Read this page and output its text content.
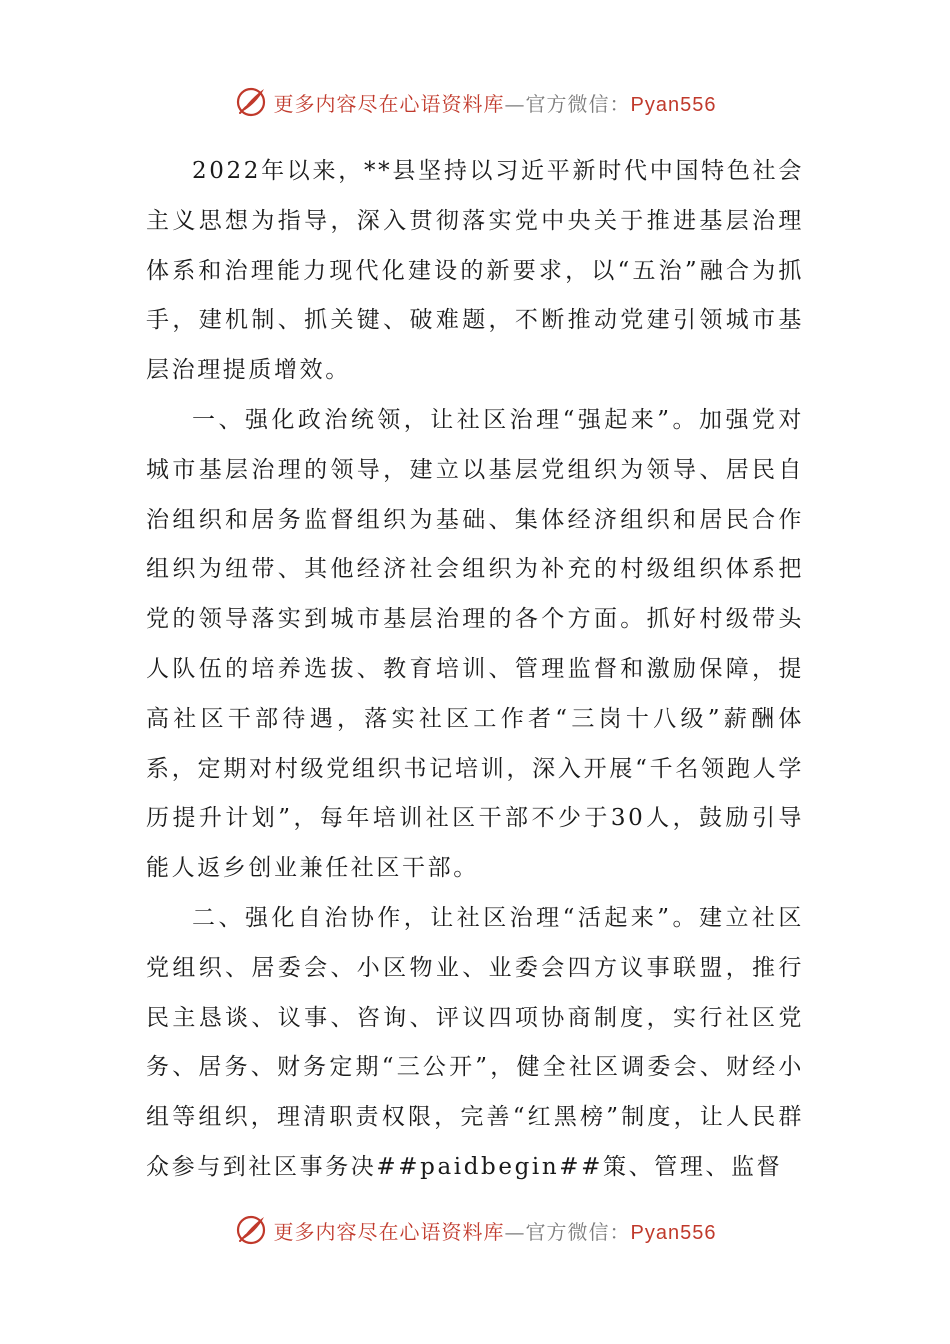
更多内容尽在心语资料库—官方微信：Pyan556

2022年以来，**县坚持以习近平新时代中国特色社会主义思想为指导，深入贯彻落实党中央关于推进基层治理体系和治理能力现代化建设的新要求，以“五治”融合为抓手，建机制、抓关键、破难题，不断推动党建引领城市基层治理提质增效。

一、强化政治统领，让社区治理“强起来”。加强党对城市基层治理的领导，建立以基层党组织为领导、居民自治组织和居务监督组织为基础、集体经济组织和居民合作组织为纽带、其他经济社会组织为补充的村级组织体系把党的领导落实到城市基层治理的各个方面。抓好村级带头人队伍的培养选拔、教育培训、管理监督和激励保障，提高社区干部待遇，落实社区工作者“三岗十八级”薪酬体系，定期对村级党组织书记培训，深入开展“千名领跑人学历提升计划”，每年培训社区干部不少于30人，鼓励引导能人返乡创业兼任社区干部。

二、强化自治协作，让社区治理“活起来”。建立社区党组织、居委会、小区物业、业委会四方议事联盟，推行民主恳谈、议事、咨询、评议四项协商制度，实行社区党务、居务、财务定期“三公开”，健全社区调委会、财经小组等组织，理清职责权限，完善“红黑榜”制度，让人民群众参与到社区事务决##paidbegin##策、管理、监督

更多内容尽在心语资料库—官方微信：Pyan556
